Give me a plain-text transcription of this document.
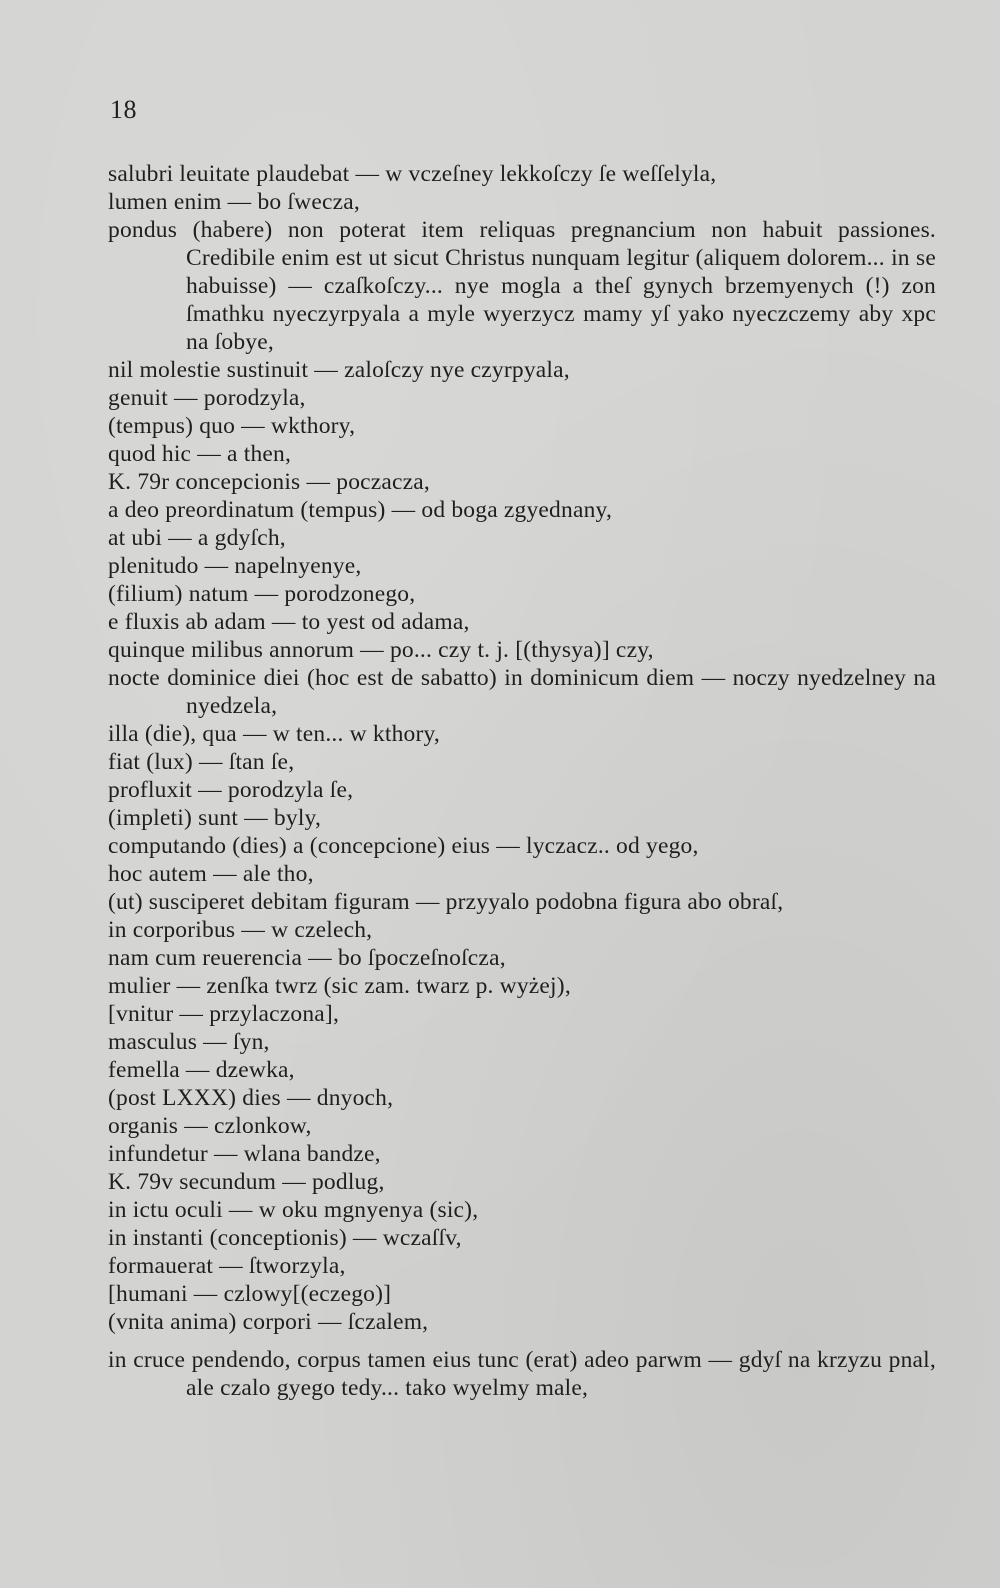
18

salubri leuitate plaudebat — w vczeſney lekkoſczy ſe weſſelyla,

lumen enim — bo ſwecza,

pondus (habere) non poterat item reliquas pregnancium non habuit passiones. Credibile enim est ut sicut Christus nunquam legitur (aliquem dolorem... in se habuisse) — czaſkoſczy... nye mogla a theſ gynych brzemyenych (!) zon ſmathku nyeczyrpyala a myle wyerzycz mamy yſ yako nyeczczemy aby xpc na ſobye,

nil molestie sustinuit — zaloſczy nye czyrpyala,

genuit — porodzyla,

(tempus) quo — wkthory,

quod hic — a then,

K. 79r concepcionis — poczacza,

a deo preordinatum (tempus) — od boga zgyednany,

at ubi — a gdyſch,

plenitudo — napelnyenye,

(filium) natum — porodzonego,

e fluxis ab adam — to yest od adama,

quinque milibus annorum — po... czy t. j. [(thysya)] czy,

nocte dominice diei (hoc est de sabatto) in dominicum diem — noczy nyedzelney na nyedzela,

illa (die), qua — w ten... w kthory,

fiat (lux) — ſtan ſe,

profluxit — porodzyla ſe,

(impleti) sunt — byly,

computando (dies) a (concepcione) eius — lyczacz.. od yego,

hoc autem — ale tho,

(ut) susciperet debitam figuram — przyyalo podobna figura abo obraſ,

in corporibus — w czelech,

nam cum reuerencia — bo ſpoczeſnoſcza,

mulier — zenſka twrz (sic zam. twarz p. wyżej),

[vnitur — przylaczona],

masculus — ſyn,

femella — dzewka,

(post LXXX) dies — dnyoch,

organis — czlonkow,

infundetur — wlana bandze,

K. 79v secundum — podlug,

in ictu oculi — w oku mgnyenya (sic),

in instanti (conceptionis) — wczaſſv,

formauerat — ſtworzyla,

[humani — czlowy[(eczego)]

(vnita anima) corpori — ſczalem,

in cruce pendendo, corpus tamen eius tunc (erat) adeo parwm — gdyſ na krzyzu pnal, ale czalo gyego tedy... tako wyelmy male,
